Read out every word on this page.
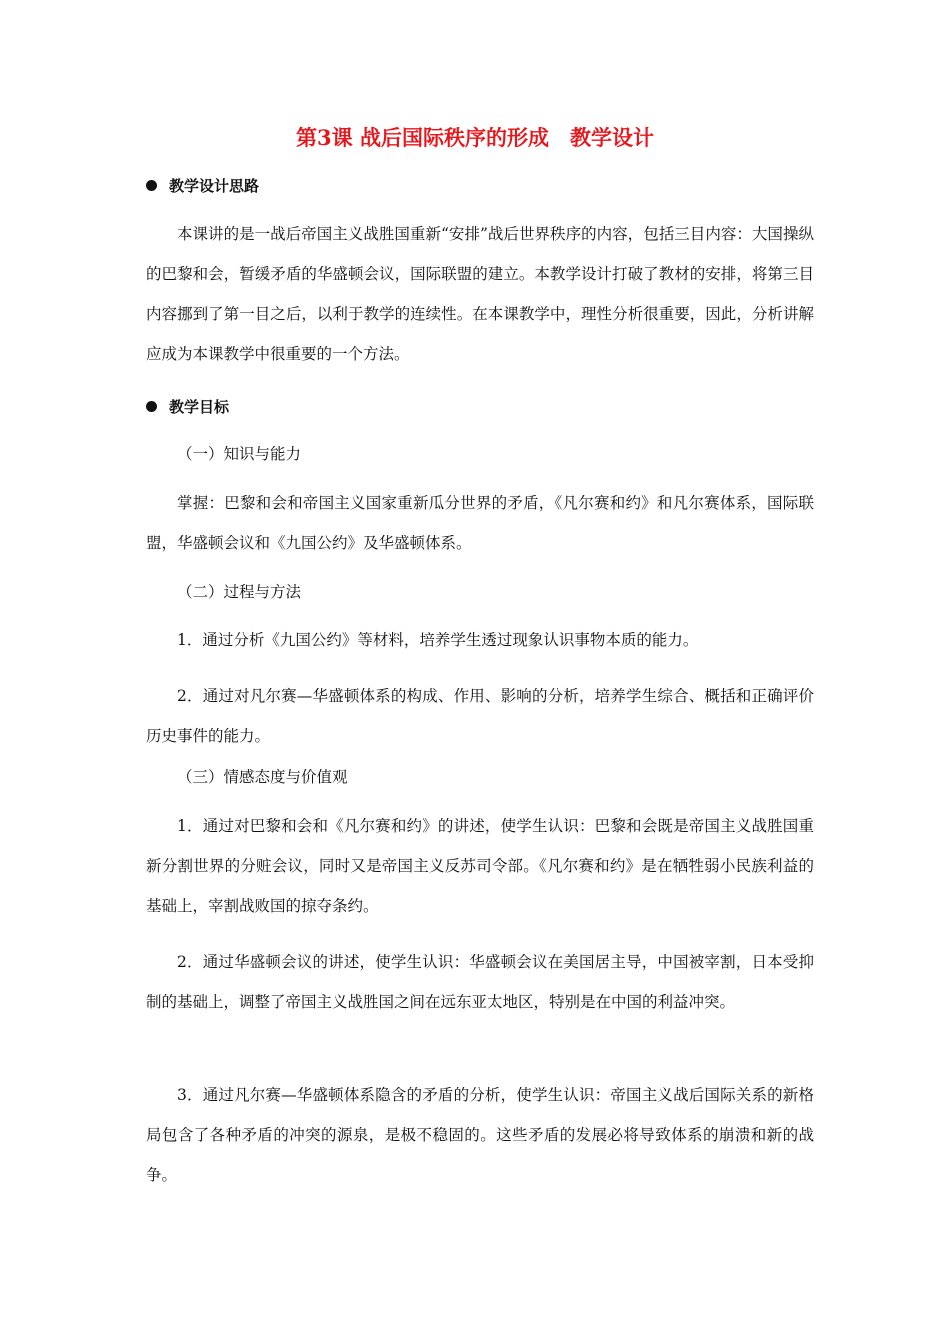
第3课 战后国际秩序的形成　教学设计
教学设计思路
本课讲的是一战后帝国主义战胜国重新“安排”战后世界秩序的内容，包括三目内容：大国操纵的巴黎和会，暂缓矛盾的华盛顿会议，国际联盟的建立。本教学设计打破了教材的安排，将第三目内容挪到了第一目之后，以利于教学的连续性。在本课教学中，理性分析很重要，因此，分析讲解应成为本课教学中很重要的一个方法。
教学目标
（一）知识与能力
掌握：巴黎和会和帝国主义国家重新瓜分世界的矛盾，《凡尔赛和约》和凡尔赛体系，国际联盟，华盛顿会议和《九国公约》及华盛顿体系。
（二）过程与方法
1．通过分析《九国公约》等材料，培养学生透过现象认识事物本质的能力。
2．通过对凡尔赛—华盛顿体系的构成、作用、影响的分析，培养学生综合、概括和正确评价历史事件的能力。
（三）情感态度与价值观
1．通过对巴黎和会和《凡尔赛和约》的讲述，使学生认识：巴黎和会既是帝国主义战胜国重新分割世界的分赃会议，同时又是帝国主义反苏司令部。《凡尔赛和约》是在牺牲弱小民族利益的基础上，宰割战败国的掠夺条约。
2．通过华盛顿会议的讲述，使学生认识：华盛顿会议在美国居主导，中国被宰割，日本受抑制的基础上，调整了帝国主义战胜国之间在远东亚太地区，特别是在中国的利益冲突。
3．通过凡尔赛—华盛顿体系隐含的矛盾的分析，使学生认识：帝国主义战后国际关系的新格局包含了各种矛盾的冲突的源泉，是极不稳固的。这些矛盾的发展必将导致体系的崩溃和新的战争。
